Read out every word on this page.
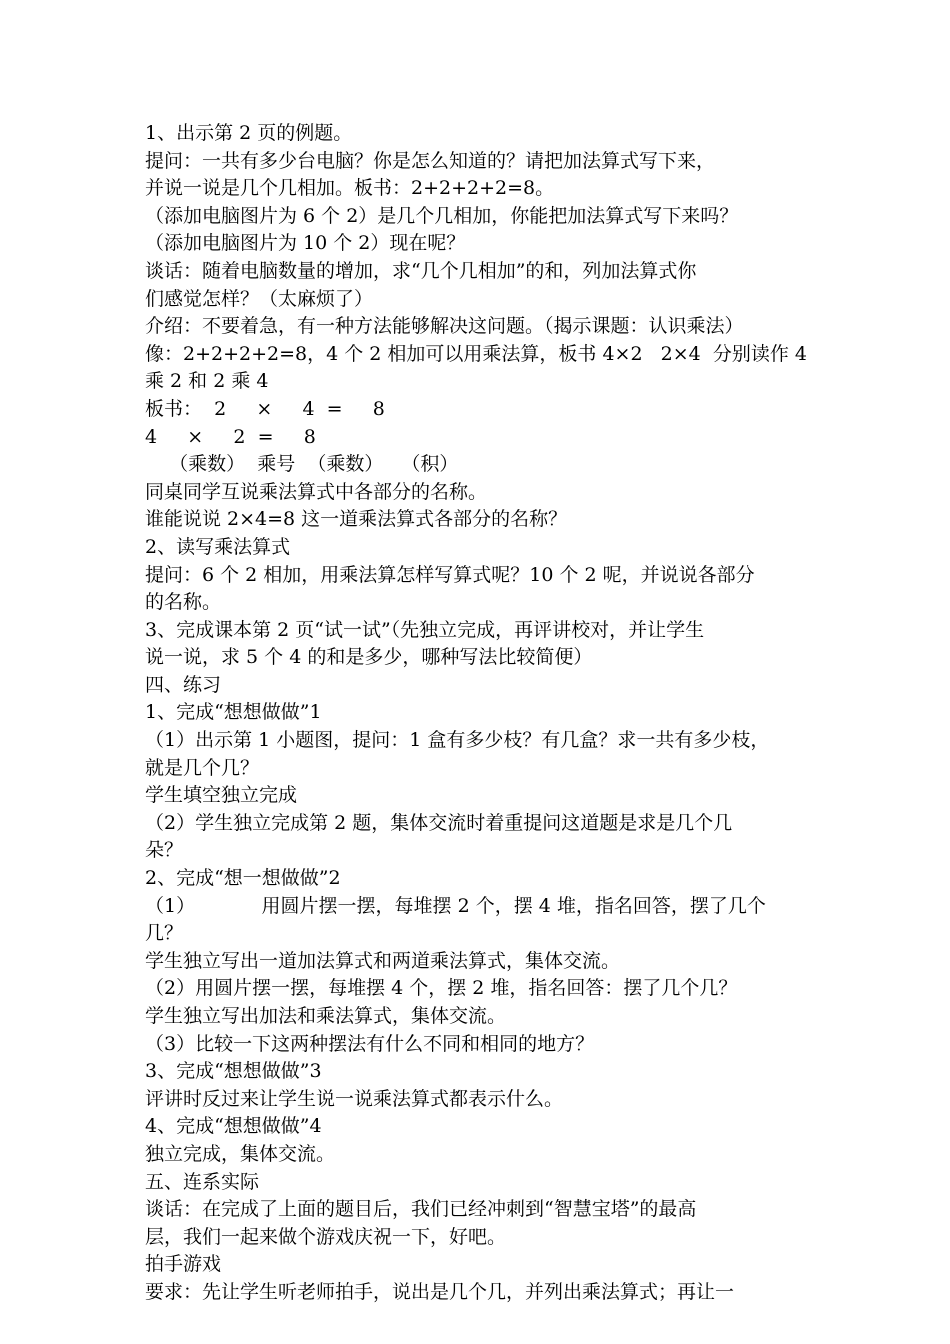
1、出示第 2 页的例题。
提问：一共有多少台电脑？你是怎么知道的？请把加法算式写下来，
并说一说是几个几相加。板书：2+2+2+2=8。
（添加电脑图片为 6 个 2）是几个几相加，你能把加法算式写下来吗？
（添加电脑图片为 10 个 2）现在呢？
谈话：随着电脑数量的增加，求“几个几相加”的和，列加法算式你
们感觉怎样？（太麻烦了）
介绍：不要着急，有一种方法能够解决这问题。（揭示课题：认识乘法）
像：2+2+2+2=8，4 个 2 相加可以用乘法算，板书 4×2   2×4  分别读作 4
乘 2 和 2 乘 4
板书：  2     ×     4  =     8
4     ×     2  =     8
（乘数）  乘号  （乘数）   （积）
同桌同学互说乘法算式中各部分的名称。
谁能说说 2×4=8 这一道乘法算式各部分的名称？
2、读写乘法算式
提问：6 个 2 相加，用乘法算怎样写算式呢？10 个 2 呢，并说说各部分
的名称。
3、完成课本第 2 页“试一试”（先独立完成，再评讲校对，并让学生
说一说，求 5 个 4 的和是多少，哪种写法比较简便）
四、练习
1、完成“想想做做”1
（1）出示第 1 小题图，提问：1 盒有多少枝？有几盒？求一共有多少枝，
就是几个几？
学生填空独立完成
（2）学生独立完成第 2 题，集体交流时着重提问这道题是求是几个几
朵？
2、完成“想一想做做”2
（1）           用圆片摆一摆，每堆摆 2 个，摆 4 堆，指名回答，摆了几个
几？
学生独立写出一道加法算式和两道乘法算式，集体交流。
（2）用圆片摆一摆，每堆摆 4 个，摆 2 堆，指名回答：摆了几个几？
学生独立写出加法和乘法算式，集体交流。
（3）比较一下这两种摆法有什么不同和相同的地方？
3、完成“想想做做”3
评讲时反过来让学生说一说乘法算式都表示什么。
4、完成“想想做做”4
独立完成，集体交流。
五、连系实际
谈话：在完成了上面的题目后，我们已经冲刺到“智慧宝塔”的最高
层，我们一起来做个游戏庆祝一下，好吧。
拍手游戏
要求：先让学生听老师拍手，说出是几个几，并列出乘法算式；再让一
